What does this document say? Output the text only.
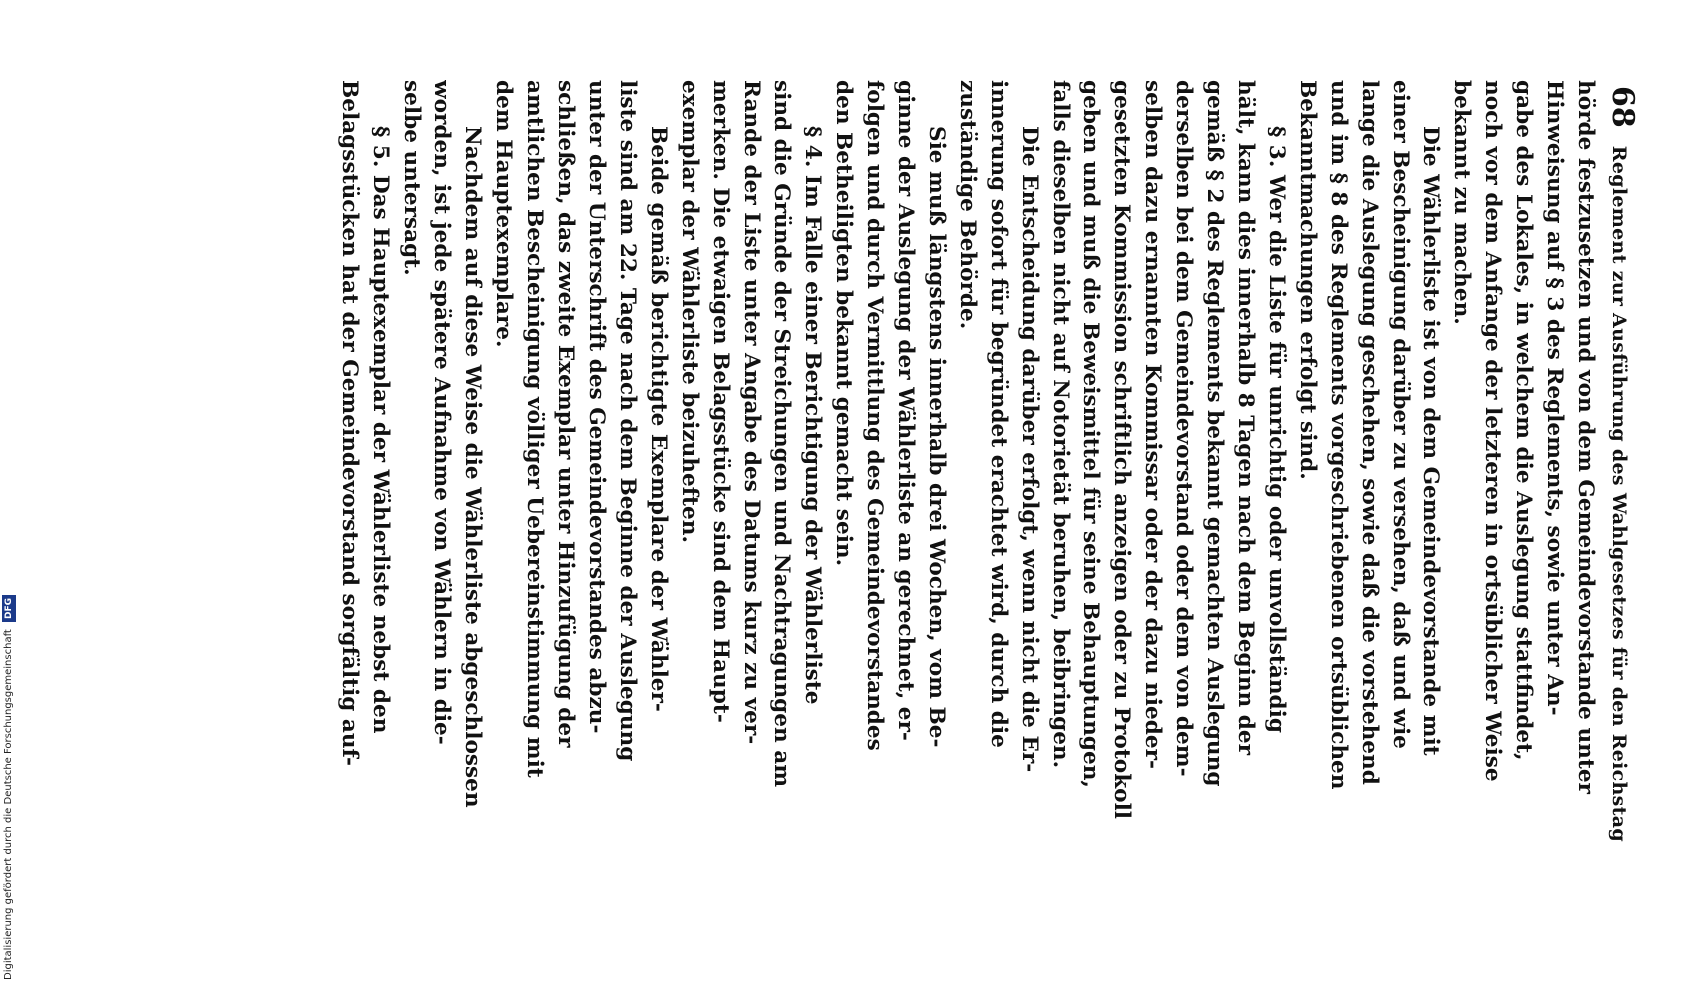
68
Reglement zur Ausführung des Wahlgesetzes für den Reichstag
hörde festzusetzen und von dem Gemeindevorstande unter
Hinweisung auf § 3 des Reglements, sowie unter An-
gabe des Lokales, in welchem die Auslegung stattfindet,
noch vor dem Anfange der letzteren in ortsüblicher Weise
bekannt zu machen.
Die Wählerliste ist von dem Gemeindevorstande mit
einer Bescheinigung darüber zu versehen, daß und wie
lange die Auslegung geschehen, sowie daß die vorstehend
und im § 8 des Reglements vorgeschriebenen ortsüblichen
Bekanntmachungen erfolgt sind.
§ 3. Wer die Liste für unrichtig oder unvollständig
hält, kann dies innerhalb 8 Tagen nach dem Beginn der
gemäß § 2 des Reglements bekannt gemachten Auslegung
derselben bei dem Gemeindevorstand oder dem von dem-
selben dazu ernannten Kommissar oder der dazu nieder-
gesetzten Kommission schriftlich anzeigen oder zu Protokoll
geben und muß die Beweismittel für seine Behauptungen,
falls dieselben nicht auf Notorietät beruhen, beibringen.
Die Entscheidung darüber erfolgt, wenn nicht die Er-
innerung sofort für begründet erachtet wird, durch die
zuständige Behörde.
Sie muß längstens innerhalb drei Wochen, vom Be-
ginne der Auslegung der Wählerliste an gerechnet, er-
folgen und durch Vermittlung des Gemeindevorstandes
den Betheiligten bekannt gemacht sein.
§ 4. Im Falle einer Berichtigung der Wählerliste
sind die Gründe der Streichungen und Nachtragungen am
Rande der Liste unter Angabe des Datums kurz zu ver-
merken. Die etwaigen Belagsstücke sind dem Haupt-
exemplar der Wählerliste beizuheften.
Beide gemäß berichtigte Exemplare der Wähler-
liste sind am 22. Tage nach dem Beginne der Auslegung
unter der Unterschrift des Gemeindevorstandes abzu-
schließen, das zweite Exemplar unter Hinzufügung der
amtlichen Bescheinigung völliger Uebereinstimmung mit
dem Hauptexemplare.
Nachdem auf diese Weise die Wählerliste abgeschlossen
worden, ist jede spätere Aufnahme von Wählern in die-
selbe untersagt.
§ 5. Das Hauptexemplar der Wählerliste nebst den
Belagsstücken hat der Gemeindevorstand sorgfältig auf-
Digitalisierung gefördert durch die Deutsche Forschungsgemeinschaft DFG
